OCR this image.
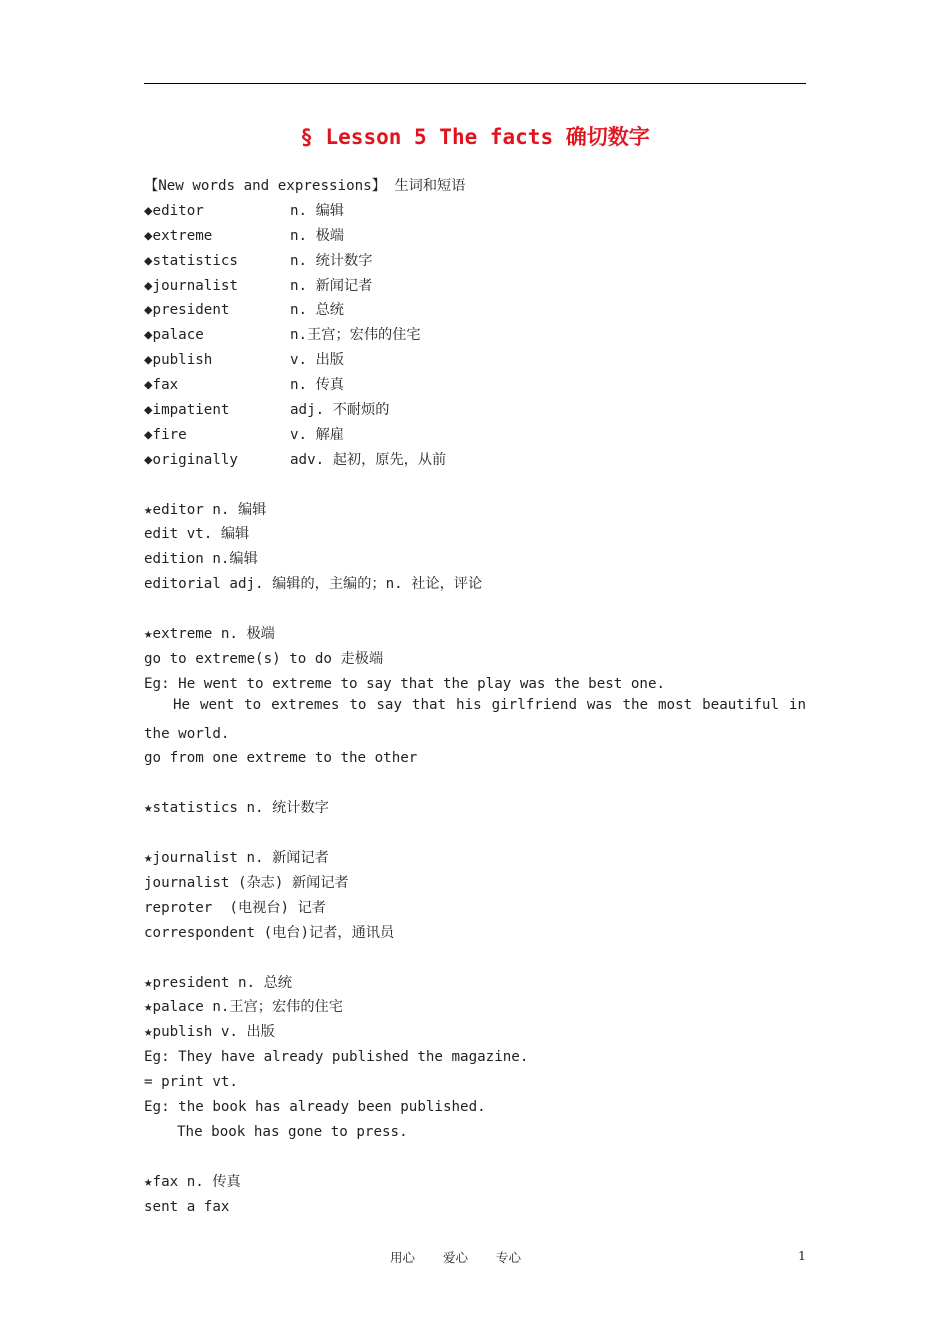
§ Lesson 5 The facts 确切数字
【New words and expressions】 生词和短语
◆editor	n. 编辑
◆extreme	n. 极端
◆statistics	n. 统计数字
◆journalist	n. 新闻记者
◆president	n. 总统
◆palace	n.王宫；宏伟的住宅
◆publish	v. 出版
◆fax	n. 传真
◆impatient	adj. 不耐烦的
◆fire	v. 解雇
◆originally	adv. 起初，原先，从前
★editor n. 编辑
edit vt. 编辑
edition n.编辑
editorial adj. 编辑的，主编的；n. 社论，评论
★extreme n. 极端
go to extreme(s) to do 走极端
Eg: He went to extreme to say that the play was the best one.
He went to extremes to say that his girlfriend was the most beautiful in
the world.
go from one extreme to the other
★statistics n. 统计数字
★journalist n. 新闻记者
journalist (杂志) 新闻记者
reproter  (电视台) 记者
correspondent (电台)记者，通讯员
★president n. 总统
★palace n.王宫；宏伟的住宅
★publish v. 出版
Eg: They have already published the magazine.
= print vt.
Eg: the book has already been published.
The book has gone to press.
★fax n. 传真
sent a fax
用心 爱心 专心	1
